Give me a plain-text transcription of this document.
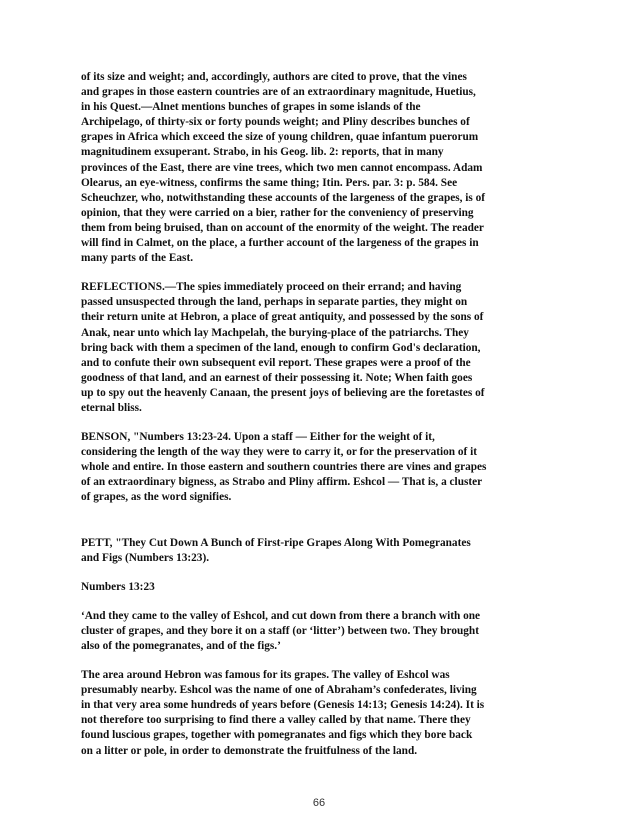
of its size and weight; and, accordingly, authors are cited to prove, that the vines
and grapes in those eastern countries are of an extraordinary magnitude, Huetius,
in his Quest.—Alnet mentions bunches of grapes in some islands of the
Archipelago, of thirty-six or forty pounds weight; and Pliny describes bunches of
grapes in Africa which exceed the size of young children, quae infantum puerorum
magnitudinem exsuperant. Strabo, in his Geog. lib. 2: reports, that in many
provinces of the East, there are vine trees, which two men cannot encompass. Adam
Olearus, an eye-witness, confirms the same thing; Itin. Pers. par. 3: p. 584. See
Scheuchzer, who, notwithstanding these accounts of the largeness of the grapes, is of
opinion, that they were carried on a bier, rather for the conveniency of preserving
them from being bruised, than on account of the enormity of the weight. The reader
will find in Calmet, on the place, a further account of the largeness of the grapes in
many parts of the East.

REFLECTIONS.—The spies immediately proceed on their errand; and having
passed unsuspected through the land, perhaps in separate parties, they might on
their return unite at Hebron, a place of great antiquity, and possessed by the sons of
Anak, near unto which lay Machpelah, the burying-place of the patriarchs. They
bring back with them a specimen of the land, enough to confirm God's declaration,
and to confute their own subsequent evil report. These grapes were a proof of the
goodness of that land, and an earnest of their possessing it. Note; When faith goes
up to spy out the heavenly Canaan, the present joys of believing are the foretastes of
eternal bliss.

BENSON, "Numbers 13:23-24. Upon a staff — Either for the weight of it,
considering the length of the way they were to carry it, or for the preservation of it
whole and entire. In those eastern and southern countries there are vines and grapes
of an extraordinary bigness, as Strabo and Pliny affirm. Eshcol — That is, a cluster
of grapes, as the word signifies.

PETT, "They Cut Down A Bunch of First-ripe Grapes Along With Pomegranates
and Figs (Numbers 13:23).

Numbers 13:23

‘And they came to the valley of Eshcol, and cut down from there a branch with one
cluster of grapes, and they bore it on a staff (or ‘litter’) between two. They brought
also of the pomegranates, and of the figs.’

The area around Hebron was famous for its grapes. The valley of Eshcol was
presumably nearby. Eshcol was the name of one of Abraham’s confederates, living
in that very area some hundreds of years before (Genesis 14:13; Genesis 14:24). It is
not therefore too surprising to find there a valley called by that name. There they
found luscious grapes, together with pomegranates and figs which they bore back
on a litter or pole, in order to demonstrate the fruitfulness of the land.

66
